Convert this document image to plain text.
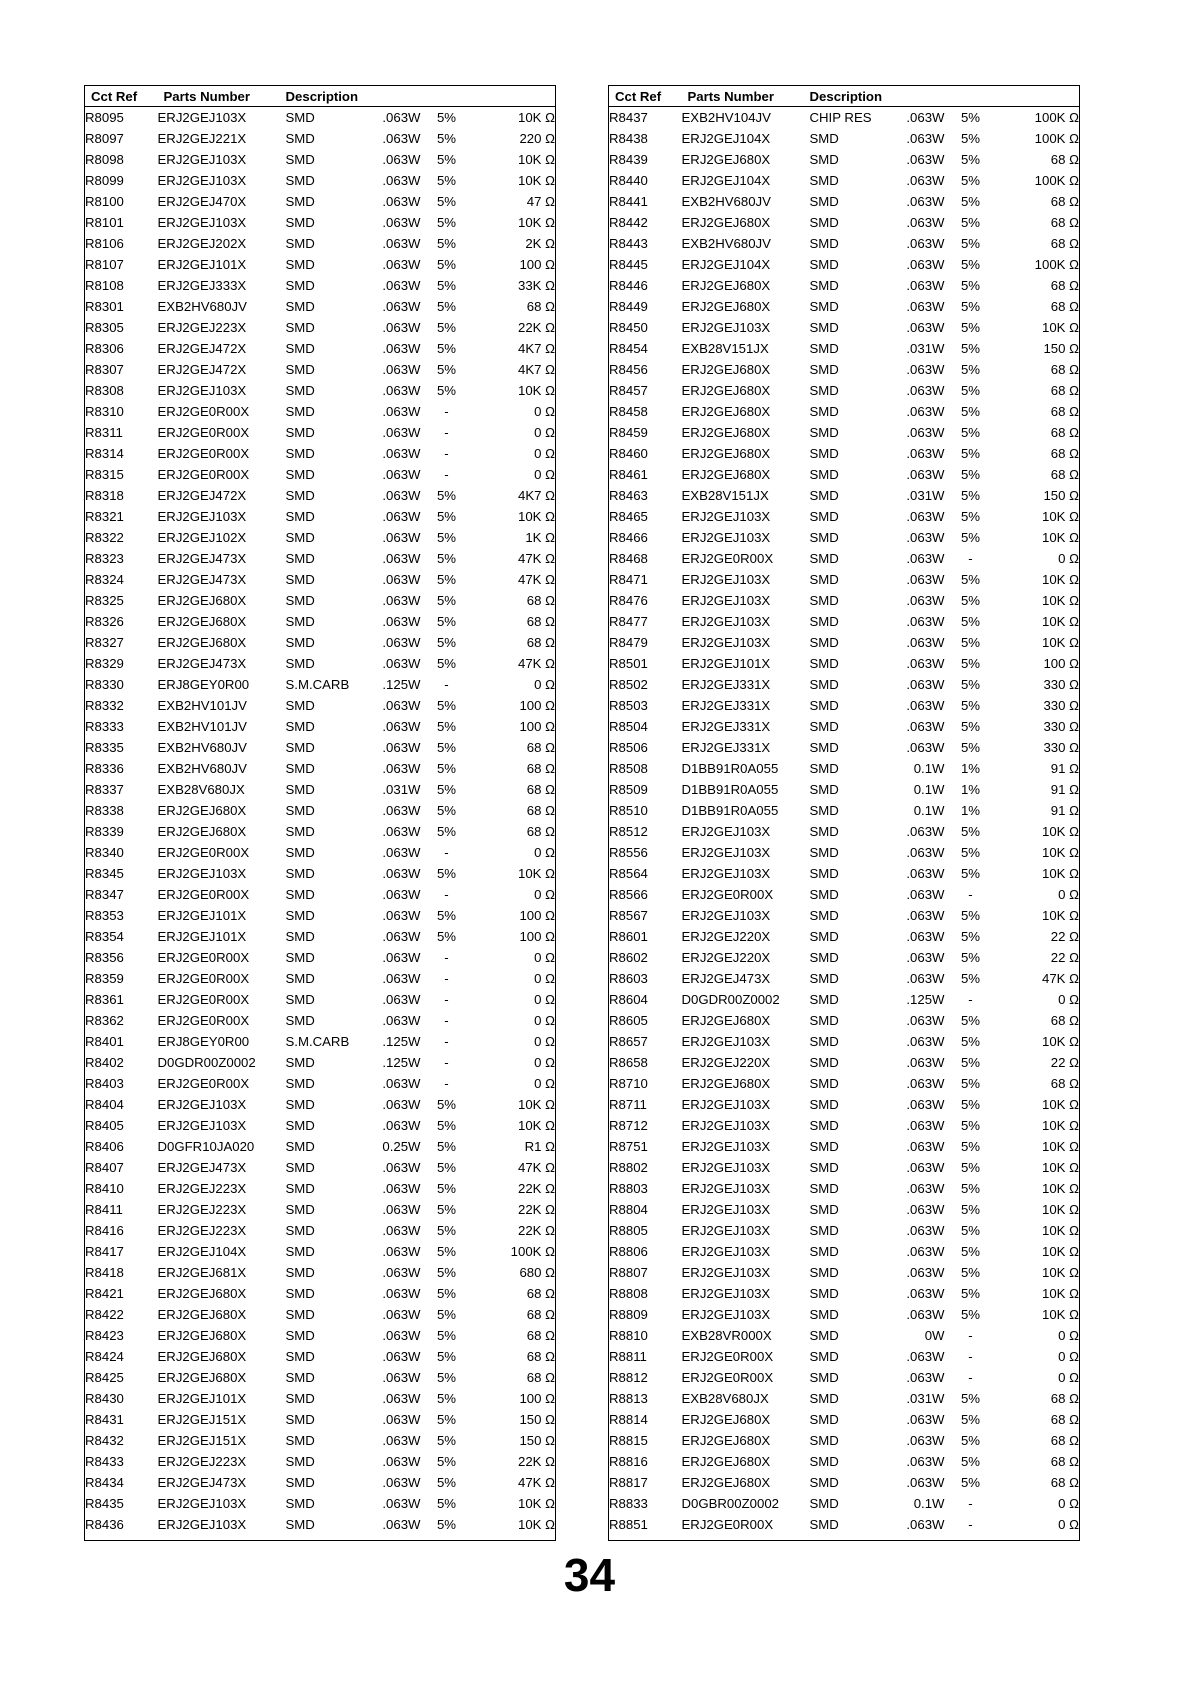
Cct Ref	Parts Number	Description			
R8095	ERJ2GEJ103X	SMD	.063W	5%	10K Ω
R8097	ERJ2GEJ221X	SMD	.063W	5%	220 Ω
R8098	ERJ2GEJ103X	SMD	.063W	5%	10K Ω
R8099	ERJ2GEJ103X	SMD	.063W	5%	10K Ω
R8100	ERJ2GEJ470X	SMD	.063W	5%	47 Ω
R8101	ERJ2GEJ103X	SMD	.063W	5%	10K Ω
R8106	ERJ2GEJ202X	SMD	.063W	5%	2K Ω
R8107	ERJ2GEJ101X	SMD	.063W	5%	100 Ω
R8108	ERJ2GEJ333X	SMD	.063W	5%	33K Ω
R8301	EXB2HV680JV	SMD	.063W	5%	68 Ω
R8305	ERJ2GEJ223X	SMD	.063W	5%	22K Ω
R8306	ERJ2GEJ472X	SMD	.063W	5%	4K7 Ω
R8307	ERJ2GEJ472X	SMD	.063W	5%	4K7 Ω
R8308	ERJ2GEJ103X	SMD	.063W	5%	10K Ω
R8310	ERJ2GE0R00X	SMD	.063W	-	0 Ω
R8311	ERJ2GE0R00X	SMD	.063W	-	0 Ω
R8314	ERJ2GE0R00X	SMD	.063W	-	0 Ω
R8315	ERJ2GE0R00X	SMD	.063W	-	0 Ω
R8318	ERJ2GEJ472X	SMD	.063W	5%	4K7 Ω
R8321	ERJ2GEJ103X	SMD	.063W	5%	10K Ω
R8322	ERJ2GEJ102X	SMD	.063W	5%	1K Ω
R8323	ERJ2GEJ473X	SMD	.063W	5%	47K Ω
R8324	ERJ2GEJ473X	SMD	.063W	5%	47K Ω
R8325	ERJ2GEJ680X	SMD	.063W	5%	68 Ω
R8326	ERJ2GEJ680X	SMD	.063W	5%	68 Ω
R8327	ERJ2GEJ680X	SMD	.063W	5%	68 Ω
R8329	ERJ2GEJ473X	SMD	.063W	5%	47K Ω
R8330	ERJ8GEY0R00	S.M.CARB	.125W	-	0 Ω
R8332	EXB2HV101JV	SMD	.063W	5%	100 Ω
R8333	EXB2HV101JV	SMD	.063W	5%	100 Ω
R8335	EXB2HV680JV	SMD	.063W	5%	68 Ω
R8336	EXB2HV680JV	SMD	.063W	5%	68 Ω
R8337	EXB28V680JX	SMD	.031W	5%	68 Ω
R8338	ERJ2GEJ680X	SMD	.063W	5%	68 Ω
R8339	ERJ2GEJ680X	SMD	.063W	5%	68 Ω
R8340	ERJ2GE0R00X	SMD	.063W	-	0 Ω
R8345	ERJ2GEJ103X	SMD	.063W	5%	10K Ω
R8347	ERJ2GE0R00X	SMD	.063W	-	0 Ω
R8353	ERJ2GEJ101X	SMD	.063W	5%	100 Ω
R8354	ERJ2GEJ101X	SMD	.063W	5%	100 Ω
R8356	ERJ2GE0R00X	SMD	.063W	-	0 Ω
R8359	ERJ2GE0R00X	SMD	.063W	-	0 Ω
R8361	ERJ2GE0R00X	SMD	.063W	-	0 Ω
R8362	ERJ2GE0R00X	SMD	.063W	-	0 Ω
R8401	ERJ8GEY0R00	S.M.CARB	.125W	-	0 Ω
R8402	D0GDR00Z0002	SMD	.125W	-	0 Ω
R8403	ERJ2GE0R00X	SMD	.063W	-	0 Ω
R8404	ERJ2GEJ103X	SMD	.063W	5%	10K Ω
R8405	ERJ2GEJ103X	SMD	.063W	5%	10K Ω
R8406	D0GFR10JA020	SMD	0.25W	5%	R1 Ω
R8407	ERJ2GEJ473X	SMD	.063W	5%	47K Ω
R8410	ERJ2GEJ223X	SMD	.063W	5%	22K Ω
R8411	ERJ2GEJ223X	SMD	.063W	5%	22K Ω
R8416	ERJ2GEJ223X	SMD	.063W	5%	22K Ω
R8417	ERJ2GEJ104X	SMD	.063W	5%	100K Ω
R8418	ERJ2GEJ681X	SMD	.063W	5%	680 Ω
R8421	ERJ2GEJ680X	SMD	.063W	5%	68 Ω
R8422	ERJ2GEJ680X	SMD	.063W	5%	68 Ω
R8423	ERJ2GEJ680X	SMD	.063W	5%	68 Ω
R8424	ERJ2GEJ680X	SMD	.063W	5%	68 Ω
R8425	ERJ2GEJ680X	SMD	.063W	5%	68 Ω
R8430	ERJ2GEJ101X	SMD	.063W	5%	100 Ω
R8431	ERJ2GEJ151X	SMD	.063W	5%	150 Ω
R8432	ERJ2GEJ151X	SMD	.063W	5%	150 Ω
R8433	ERJ2GEJ223X	SMD	.063W	5%	22K Ω
R8434	ERJ2GEJ473X	SMD	.063W	5%	47K Ω
R8435	ERJ2GEJ103X	SMD	.063W	5%	10K Ω
R8436	ERJ2GEJ103X	SMD	.063W	5%	10K Ω
Cct Ref	Parts Number	Description			
R8437	EXB2HV104JV	CHIP RES	.063W	5%	100K Ω
R8438	ERJ2GEJ104X	SMD	.063W	5%	100K Ω
R8439	ERJ2GEJ680X	SMD	.063W	5%	68 Ω
R8440	ERJ2GEJ104X	SMD	.063W	5%	100K Ω
R8441	EXB2HV680JV	SMD	.063W	5%	68 Ω
R8442	ERJ2GEJ680X	SMD	.063W	5%	68 Ω
R8443	EXB2HV680JV	SMD	.063W	5%	68 Ω
R8445	ERJ2GEJ104X	SMD	.063W	5%	100K Ω
R8446	ERJ2GEJ680X	SMD	.063W	5%	68 Ω
R8449	ERJ2GEJ680X	SMD	.063W	5%	68 Ω
R8450	ERJ2GEJ103X	SMD	.063W	5%	10K Ω
R8454	EXB28V151JX	SMD	.031W	5%	150 Ω
R8456	ERJ2GEJ680X	SMD	.063W	5%	68 Ω
R8457	ERJ2GEJ680X	SMD	.063W	5%	68 Ω
R8458	ERJ2GEJ680X	SMD	.063W	5%	68 Ω
R8459	ERJ2GEJ680X	SMD	.063W	5%	68 Ω
R8460	ERJ2GEJ680X	SMD	.063W	5%	68 Ω
R8461	ERJ2GEJ680X	SMD	.063W	5%	68 Ω
R8463	EXB28V151JX	SMD	.031W	5%	150 Ω
R8465	ERJ2GEJ103X	SMD	.063W	5%	10K Ω
R8466	ERJ2GEJ103X	SMD	.063W	5%	10K Ω
R8468	ERJ2GE0R00X	SMD	.063W	-	0 Ω
R8471	ERJ2GEJ103X	SMD	.063W	5%	10K Ω
R8476	ERJ2GEJ103X	SMD	.063W	5%	10K Ω
R8477	ERJ2GEJ103X	SMD	.063W	5%	10K Ω
R8479	ERJ2GEJ103X	SMD	.063W	5%	10K Ω
R8501	ERJ2GEJ101X	SMD	.063W	5%	100 Ω
R8502	ERJ2GEJ331X	SMD	.063W	5%	330 Ω
R8503	ERJ2GEJ331X	SMD	.063W	5%	330 Ω
R8504	ERJ2GEJ331X	SMD	.063W	5%	330 Ω
R8506	ERJ2GEJ331X	SMD	.063W	5%	330 Ω
R8508	D1BB91R0A055	SMD	0.1W	1%	91 Ω
R8509	D1BB91R0A055	SMD	0.1W	1%	91 Ω
R8510	D1BB91R0A055	SMD	0.1W	1%	91 Ω
R8512	ERJ2GEJ103X	SMD	.063W	5%	10K Ω
R8556	ERJ2GEJ103X	SMD	.063W	5%	10K Ω
R8564	ERJ2GEJ103X	SMD	.063W	5%	10K Ω
R8566	ERJ2GE0R00X	SMD	.063W	-	0 Ω
R8567	ERJ2GEJ103X	SMD	.063W	5%	10K Ω
R8601	ERJ2GEJ220X	SMD	.063W	5%	22 Ω
R8602	ERJ2GEJ220X	SMD	.063W	5%	22 Ω
R8603	ERJ2GEJ473X	SMD	.063W	5%	47K Ω
R8604	D0GDR00Z0002	SMD	.125W	-	0 Ω
R8605	ERJ2GEJ680X	SMD	.063W	5%	68 Ω
R8657	ERJ2GEJ103X	SMD	.063W	5%	10K Ω
R8658	ERJ2GEJ220X	SMD	.063W	5%	22 Ω
R8710	ERJ2GEJ680X	SMD	.063W	5%	68 Ω
R8711	ERJ2GEJ103X	SMD	.063W	5%	10K Ω
R8712	ERJ2GEJ103X	SMD	.063W	5%	10K Ω
R8751	ERJ2GEJ103X	SMD	.063W	5%	10K Ω
R8802	ERJ2GEJ103X	SMD	.063W	5%	10K Ω
R8803	ERJ2GEJ103X	SMD	.063W	5%	10K Ω
R8804	ERJ2GEJ103X	SMD	.063W	5%	10K Ω
R8805	ERJ2GEJ103X	SMD	.063W	5%	10K Ω
R8806	ERJ2GEJ103X	SMD	.063W	5%	10K Ω
R8807	ERJ2GEJ103X	SMD	.063W	5%	10K Ω
R8808	ERJ2GEJ103X	SMD	.063W	5%	10K Ω
R8809	ERJ2GEJ103X	SMD	.063W	5%	10K Ω
R8810	EXB28VR000X	SMD	0W	-	0 Ω
R8811	ERJ2GE0R00X	SMD	.063W	-	0 Ω
R8812	ERJ2GE0R00X	SMD	.063W	-	0 Ω
R8813	EXB28V680JX	SMD	.031W	5%	68 Ω
R8814	ERJ2GEJ680X	SMD	.063W	5%	68 Ω
R8815	ERJ2GEJ680X	SMD	.063W	5%	68 Ω
R8816	ERJ2GEJ680X	SMD	.063W	5%	68 Ω
R8817	ERJ2GEJ680X	SMD	.063W	5%	68 Ω
R8833	D0GBR00Z0002	SMD	0.1W	-	0 Ω
R8851	ERJ2GE0R00X	SMD	.063W	-	0 Ω
34
